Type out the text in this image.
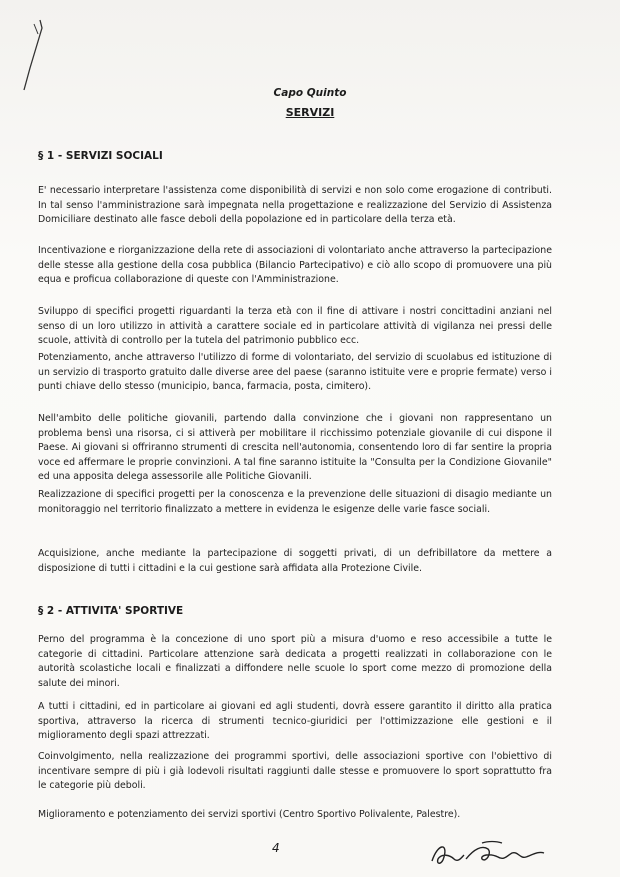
Capo Quinto
SERVIZI
§ 1 - SERVIZI SOCIALI
E' necessario interpretare l'assistenza come disponibilità di servizi e non solo come erogazione di contributi. In tal senso l'amministrazione sarà impegnata nella progettazione e realizzazione del Servizio di Assistenza Domiciliare destinato alle fasce deboli della popolazione ed in particolare della terza età.
Incentivazione e riorganizzazione della rete di associazioni di volontariato anche attraverso la partecipazione delle stesse alla gestione della cosa pubblica (Bilancio Partecipativo) e ciò allo scopo di promuovere una più equa e proficua collaborazione di queste con l'Amministrazione.
Sviluppo di specifici progetti riguardanti la terza età con il fine di attivare i nostri concittadini anziani nel senso di un loro utilizzo in attività a carattere sociale ed in particolare attività di vigilanza nei pressi delle scuole, attività di controllo per la tutela del patrimonio pubblico ecc.
Potenziamento, anche attraverso l'utilizzo di forme di volontariato, del servizio di scuolabus ed istituzione di un servizio di trasporto gratuito dalle diverse aree del paese (saranno istituite vere e proprie fermate) verso i punti chiave dello stesso (municipio, banca, farmacia, posta, cimitero).
Nell'ambito delle politiche giovanili, partendo dalla convinzione che i giovani non rappresentano un problema bensì una risorsa, ci si attiverà per mobilitare il ricchissimo potenziale giovanile di cui dispone il Paese. Ai giovani si offriranno strumenti di crescita nell'autonomia, consentendo loro di far sentire la propria voce ed affermare le proprie convinzioni. A tal fine saranno istituite la "Consulta per la Condizione Giovanile" ed una apposita delega assessorile alle Politiche Giovanili.
Realizzazione di specifici progetti per la conoscenza e la prevenzione delle situazioni di disagio mediante un monitoraggio nel territorio finalizzato a mettere in evidenza le esigenze delle varie fasce sociali.
Acquisizione, anche mediante la partecipazione di soggetti privati, di un defribillatore da mettere a disposizione di tutti i cittadini e la cui gestione sarà affidata alla Protezione Civile.
§ 2 - ATTIVITA' SPORTIVE
Perno del programma è la concezione di uno sport più a misura d'uomo e reso accessibile a tutte le categorie di cittadini. Particolare attenzione sarà dedicata a progetti realizzati in collaborazione con le autorità scolastiche locali e finalizzati a diffondere nelle scuole lo sport come mezzo di promozione della salute dei minori.
A tutti i cittadini, ed in particolare ai giovani ed agli studenti, dovrà essere garantito il diritto alla pratica sportiva, attraverso la ricerca di strumenti tecnico-giuridici per l'ottimizzazione elle gestioni e il miglioramento degli spazi attrezzati.
Coinvolgimento, nella realizzazione dei programmi sportivi, delle associazioni sportive con l'obiettivo di incentivare sempre di più i già lodevoli risultati raggiunti dalle stesse e promuovere lo sport soprattutto fra le categorie più deboli.
Miglioramento e potenziamento dei servizi sportivi (Centro Sportivo Polivalente, Palestre).
4
